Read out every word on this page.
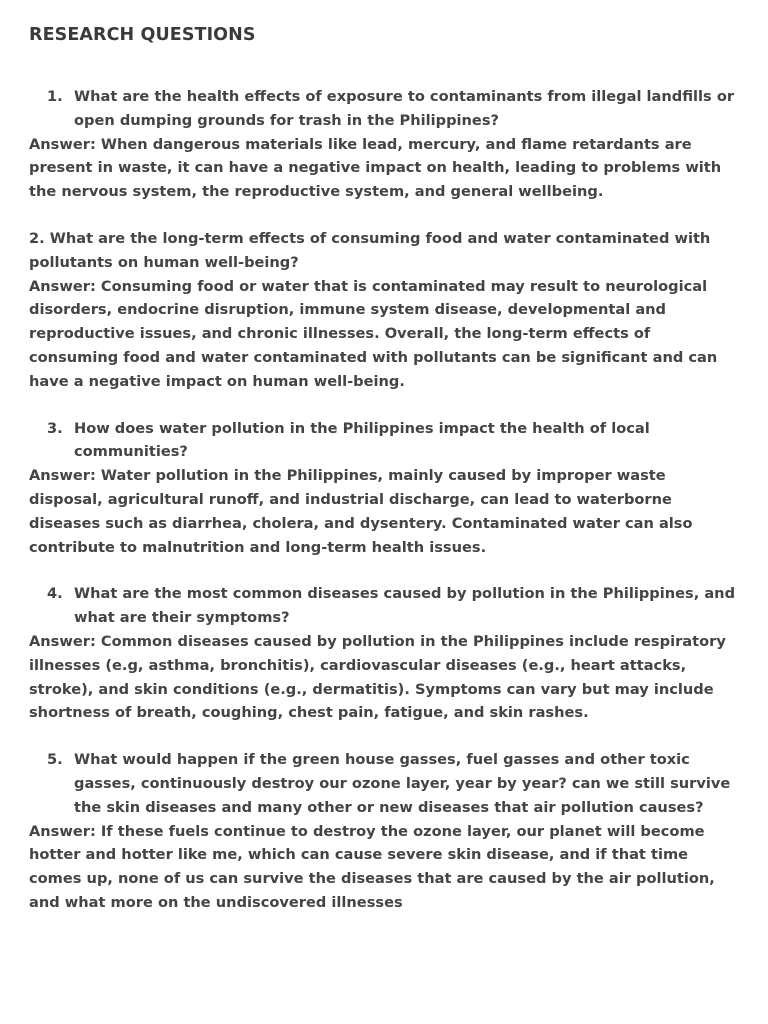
RESEARCH QUESTIONS
1. What are the health effects of exposure to contaminants from illegal landfills or open dumping grounds for trash in the Philippines?

Answer: When dangerous materials like lead, mercury, and flame retardants are present in waste, it can have a negative impact on health, leading to problems with the nervous system, the reproductive system, and general wellbeing.

2. What are the long-term effects of consuming food and water contaminated with pollutants on human well-being?

Answer: Consuming food or water that is contaminated may result to neurological disorders, endocrine disruption, immune system disease, developmental and reproductive issues, and chronic illnesses. Overall, the long-term effects of consuming food and water contaminated with pollutants can be significant and can have a negative impact on human well-being.

3. How does water pollution in the Philippines impact the health of local communities?

Answer: Water pollution in the Philippines, mainly caused by improper waste disposal, agricultural runoff, and industrial discharge, can lead to waterborne diseases such as diarrhea, cholera, and dysentery. Contaminated water can also contribute to malnutrition and long-term health issues.

4. What are the most common diseases caused by pollution in the Philippines, and what are their symptoms?

Answer: Common diseases caused by pollution in the Philippines include respiratory illnesses (e.g, asthma, bronchitis), cardiovascular diseases (e.g., heart attacks, stroke), and skin conditions (e.g., dermatitis). Symptoms can vary but may include shortness of breath, coughing, chest pain, fatigue, and skin rashes.

5. What would happen if the green house gasses, fuel gasses and other toxic gasses, continuously destroy our ozone layer, year by year? can we still survive the skin diseases and many other or new diseases that air pollution causes?

Answer: If these fuels continue to destroy the ozone layer, our planet will become hotter and hotter like me, which can cause severe skin disease, and if that time comes up, none of us can survive the diseases that are caused by the air pollution, and what more on the undiscovered illnesses
